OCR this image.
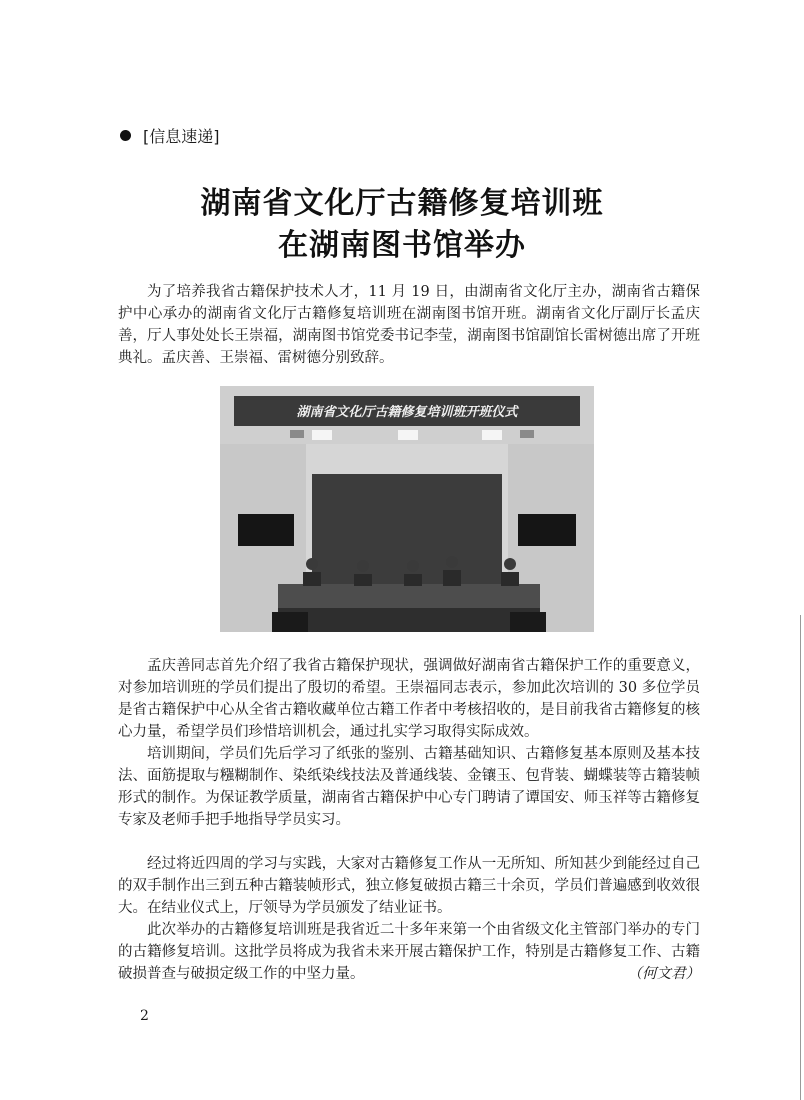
[信息速递]
湖南省文化厅古籍修复培训班
在湖南图书馆举办

为了培养我省古籍保护技术人才，11 月 19 日，由湖南省文化厅主办，湖南省古籍保护中心承办的湖南省文化厅古籍修复培训班在湖南图书馆开班。湖南省文化厅副厅长孟庆善，厅人事处处长王崇福，湖南图书馆党委书记李莹，湖南图书馆副馆长雷树德出席了开班典礼。孟庆善、王崇福、雷树德分别致辞。

湖南省文化厅古籍修复培训班开班仪式

孟庆善同志首先介绍了我省古籍保护现状，强调做好湖南省古籍保护工作的重要意义，对参加培训班的学员们提出了殷切的希望。王崇福同志表示，参加此次培训的 30 多位学员是省古籍保护中心从全省古籍收藏单位古籍工作者中考核招收的，是目前我省古籍修复的核心力量，希望学员们珍惜培训机会，通过扎实学习取得实际成效。

培训期间，学员们先后学习了纸张的鉴别、古籍基础知识、古籍修复基本原则及基本技法、面筋提取与糨糊制作、染纸染线技法及普通线装、金镶玉、包背装、蝴蝶装等古籍装帧形式的制作。为保证教学质量，湖南省古籍保护中心专门聘请了谭国安、师玉祥等古籍修复专家及老师手把手地指导学员实习。

经过将近四周的学习与实践，大家对古籍修复工作从一无所知、所知甚少到能经过自己的双手制作出三到五种古籍装帧形式，独立修复破损古籍三十余页，学员们普遍感到收效很大。在结业仪式上，厅领导为学员颁发了结业证书。

此次举办的古籍修复培训班是我省近二十多年来第一个由省级文化主管部门举办的专门的古籍修复培训。这批学员将成为我省未来开展古籍保护工作，特别是古籍修复工作、古籍破损普查与破损定级工作的中坚力量。	（何文君）
2
